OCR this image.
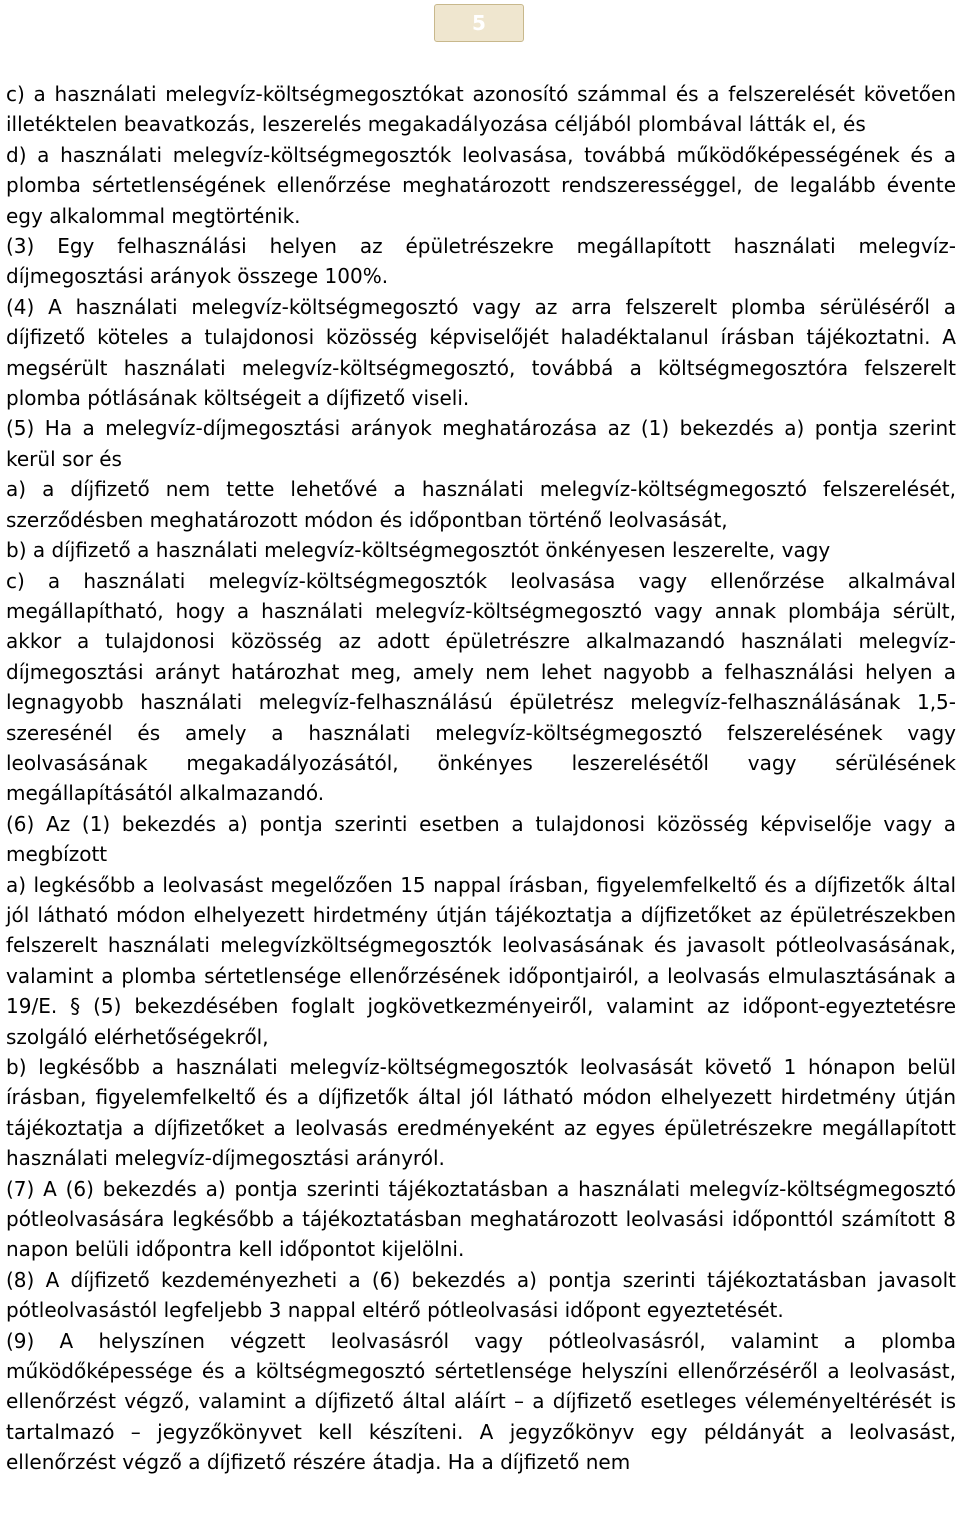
5

c) a használati melegvíz-költségmegosztókat azonosító számmal és a felszerelését követően illetéktelen beavatkozás, leszerelés megakadályozása céljából plombával látták el, és

d) a használati melegvíz-költségmegosztók leolvasása, továbbá működőképességének és a plomba sértetlenségének ellenőrzése meghatározott rendszerességgel, de legalább évente egy alkalommal megtörténik.

(3) Egy felhasználási helyen az épületrészekre megállapított használati melegvíz-díjmegosztási arányok összege 100%.

(4) A használati melegvíz-költségmegosztó vagy az arra felszerelt plomba sérüléséről a díjfizető köteles a tulajdonosi közösség képviselőjét haladéktalanul írásban tájékoztatni. A megsérült használati melegvíz-költségmegosztó, továbbá a költségmegosztóra felszerelt plomba pótlásának költségeit a díjfizető viseli.

(5) Ha a melegvíz-díjmegosztási arányok meghatározása az (1) bekezdés a) pontja szerint kerül sor és

a) a díjfizető nem tette lehetővé a használati melegvíz-költségmegosztó felszerelését, szerződésben meghatározott módon és időpontban történő leolvasását,

b) a díjfizető a használati melegvíz-költségmegosztót önkényesen leszerelte, vagy

c) a használati melegvíz-költségmegosztók leolvasása vagy ellenőrzése alkalmával megállapítható, hogy a használati melegvíz-költségmegosztó vagy annak plombája sérült, akkor a tulajdonosi közösség az adott épületrészre alkalmazandó használati melegvíz-díjmegosztási arányt határozhat meg, amely nem lehet nagyobb a felhasználási helyen a legnagyobb használati melegvíz-felhasználású épületrész melegvíz-felhasználásának 1,5-szeresénél és amely a használati melegvíz-költségmegosztó felszerelésének vagy leolvasásának megakadályozásától, önkényes leszerelésétől vagy sérülésének megállapításától alkalmazandó.

(6) Az (1) bekezdés a) pontja szerinti esetben a tulajdonosi közösség képviselője vagy a megbízott

a) legkésőbb a leolvasást megelőzően 15 nappal írásban, figyelemfelkeltő és a díjfizetők által jól látható módon elhelyezett hirdetmény útján tájékoztatja a díjfizetőket az épületrészekben felszerelt használati melegvízköltségmegosztók leolvasásának és javasolt pótleolvasásának, valamint a plomba sértetlensége ellenőrzésének időpontjairól, a leolvasás elmulasztásának a 19/E. § (5) bekezdésében foglalt jogkövetkezményeiről, valamint az időpont-egyeztetésre szolgáló elérhetőségekről,

b) legkésőbb a használati melegvíz-költségmegosztók leolvasását követő 1 hónapon belül írásban, figyelemfelkeltő és a díjfizetők által jól látható módon elhelyezett hirdetmény útján tájékoztatja a díjfizetőket a leolvasás eredményeként az egyes épületrészekre megállapított használati melegvíz-díjmegosztási arányról.

(7) A (6) bekezdés a) pontja szerinti tájékoztatásban a használati melegvíz-költségmegosztó pótleolvasására legkésőbb a tájékoztatásban meghatározott leolvasási időponttól számított 8 napon belüli időpontra kell időpontot kijelölni.

(8) A díjfizető kezdeményezheti a (6) bekezdés a) pontja szerinti tájékoztatásban javasolt pótleolvasástól legfeljebb 3 nappal eltérő pótleolvasási időpont egyeztetését.

(9) A helyszínen végzett leolvasásról vagy pótleolvasásról, valamint a plomba működőképessége és a költségmegosztó sértetlensége helyszíni ellenőrzéséről a leolvasást, ellenőrzést végző, valamint a díjfizető által aláírt – a díjfizető esetleges véleményeltérését is tartalmazó – jegyzőkönyvet kell készíteni. A jegyzőkönyv egy példányát a leolvasást, ellenőrzést végző a díjfizető részére átadja. Ha a díjfizető nem
